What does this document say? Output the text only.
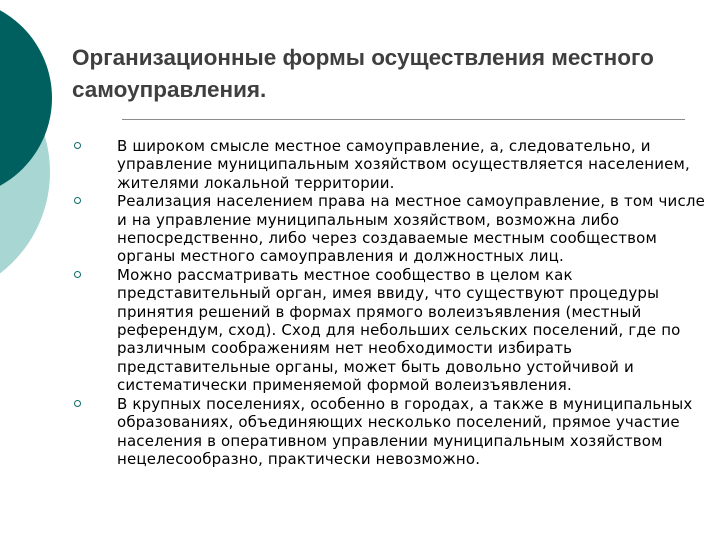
Организационные формы осуществления местного самоуправления.
В широком смысле местное самоуправление, а, следовательно, и управление муниципальным хозяйством осуществляется населением, жителями локальной территории.
Реализация населением права на местное самоуправление, в том числе и на управление муниципальным хозяйством, возможна либо непосредственно, либо через создаваемые местным сообществом органы местного самоуправления и должностных лиц.
Можно рассматривать местное сообщество в целом как представительный орган, имея ввиду, что существуют процедуры принятия решений в формах прямого волеизъявления (местный референдум, сход). Сход для небольших сельских поселений, где по различным соображениям нет необходимости избирать представительные органы, может быть довольно устойчивой и систематически применяемой формой волеизъявления.
В крупных поселениях, особенно в городах, а также в муниципальных образованиях, объединяющих несколько поселений, прямое участие населения в оперативном управлении муниципальным хозяйством нецелесообразно, практически невозможно.
